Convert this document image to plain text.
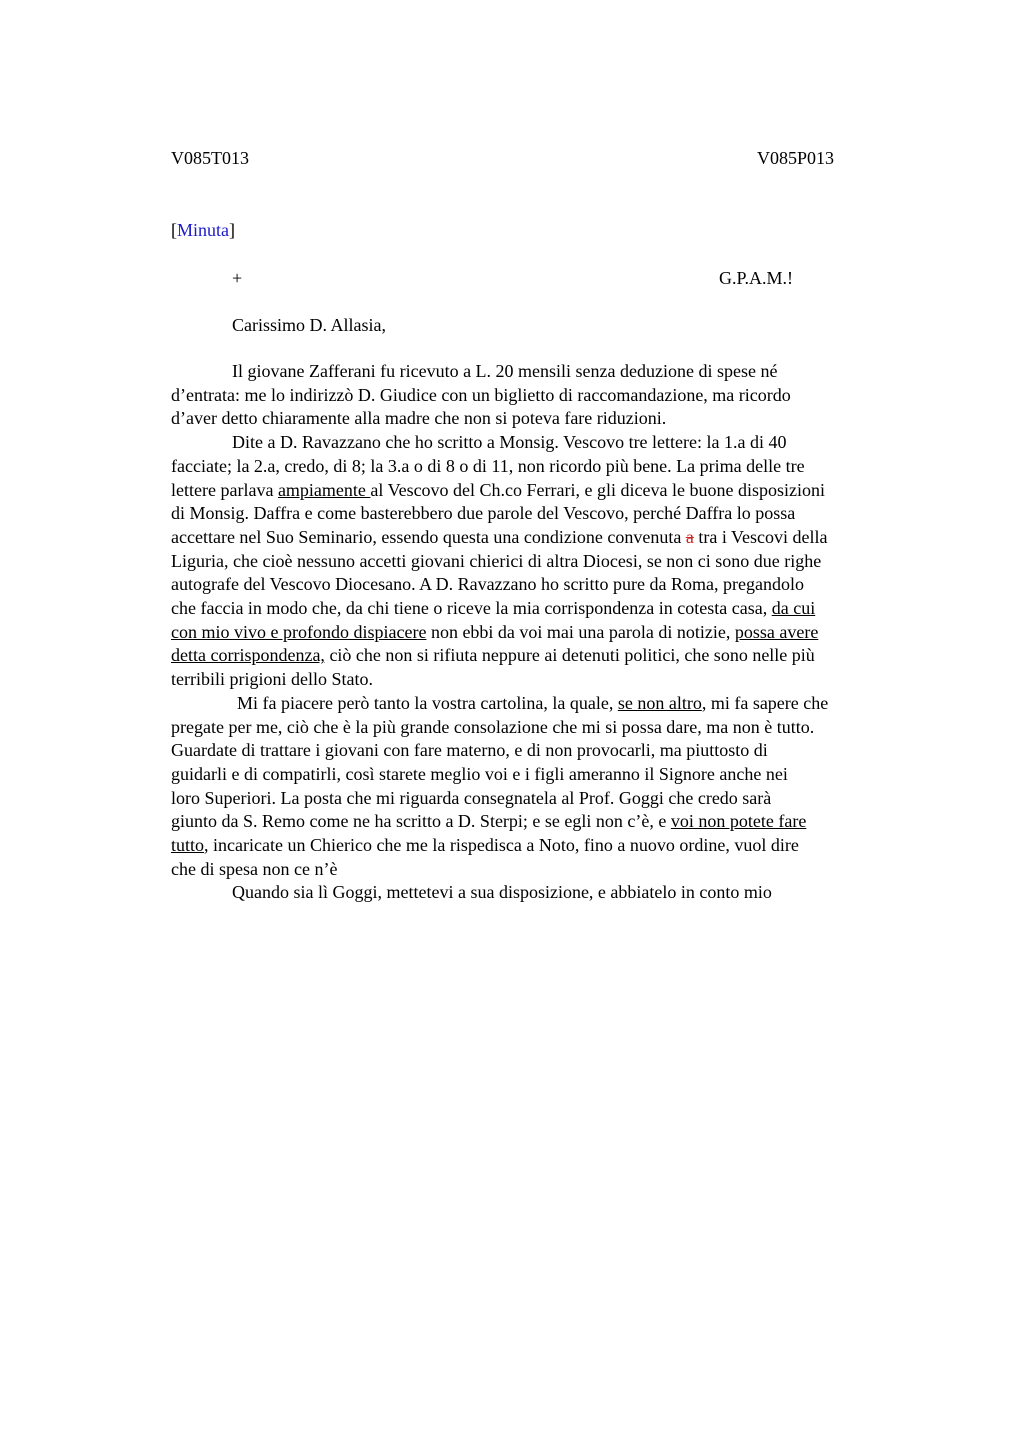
V085T013	V085P013
[Minuta]
+	G.P.A.M.!
Carissimo D. Allasia,
Il giovane Zafferani fu ricevuto a L. 20 mensili senza deduzione di spese né
d’entrata: me lo indirizzò D. Giudice con un biglietto di raccomandazione, ma ricordo
d’aver detto chiaramente alla madre che non si poteva fare riduzioni.
Dite a D. Ravazzano che ho scritto a Monsig. Vescovo tre lettere: la 1.a di 40
facciate; la 2.a, credo, di 8; la 3.a o di 8 o di 11, non ricordo più bene. La prima delle tre
lettere parlava ampiamente al Vescovo del Ch.co Ferrari, e gli diceva le buone disposizioni
di Monsig. Daffra e come basterebbero due parole del Vescovo, perché Daffra lo possa
accettare nel Suo Seminario, essendo questa una condizione convenuta a tra i Vescovi della
Liguria, che cioè nessuno accetti giovani chierici di altra Diocesi, se non ci sono due righe
autografe del Vescovo Diocesano. A D. Ravazzano ho scritto pure da Roma, pregandolo
che faccia in modo che, da chi tiene o riceve la mia corrispondenza in cotesta casa, da cui
con mio vivo e profondo dispiacere non ebbi da voi mai una parola di notizie, possa avere
detta corrispondenza, ciò che non si rifiuta neppure ai detenuti politici, che sono nelle più
terribili prigioni dello Stato.
Mi fa piacere però tanto la vostra cartolina, la quale, se non altro, mi fa sapere che
pregate per me, ciò che è la più grande consolazione che mi si possa dare, ma non è tutto.
Guardate di trattare i giovani con fare materno, e di non provocarli, ma piuttosto di
guidarli e di compatirli, così starete meglio voi e i figli ameranno il Signore anche nei
loro Superiori. La posta che mi riguarda consegnatela al Prof. Goggi che credo sarà
giunto da S. Remo come ne ha scritto a D. Sterpi; e se egli non c’è, e voi non potete fare
tutto, incaricate un Chierico che me la rispedisca a Noto, fino a nuovo ordine, vuol dire
che di spesa non ce n’è
Quando sia lì Goggi, mettetevi a sua disposizione, e abbiatelo in conto mio
